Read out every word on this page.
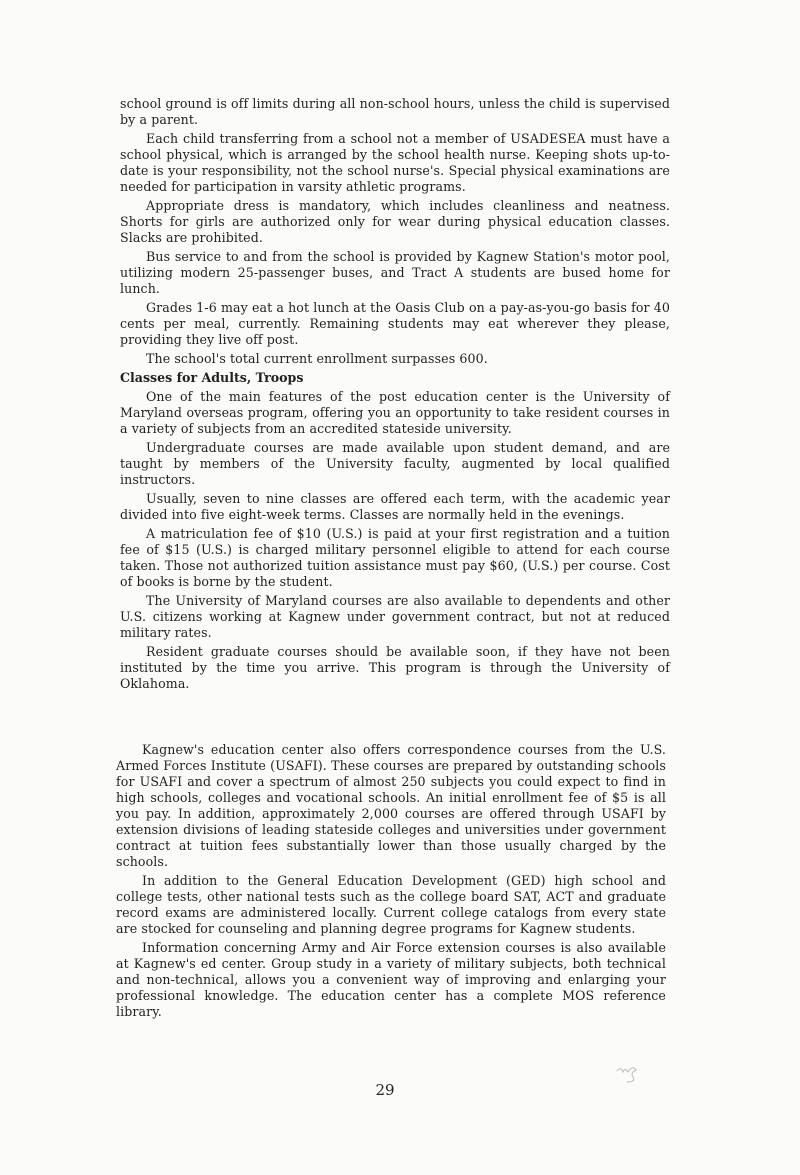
school ground is off limits during all non-school hours, unless the child is supervised by a parent.

Each child transferring from a school not a member of USADESEA must have a school physical, which is arranged by the school health nurse. Keeping shots up-to-date is your responsibility, not the school nurse's. Special physical examinations are needed for participation in varsity athletic programs.

Appropriate dress is mandatory, which includes cleanliness and neatness. Shorts for girls are authorized only for wear during physical education classes. Slacks are prohibited.

Bus service to and from the school is provided by Kagnew Station's motor pool, utilizing modern 25-passenger buses, and Tract A students are bused home for lunch.

Grades 1-6 may eat a hot lunch at the Oasis Club on a pay-as-you-go basis for 40 cents per meal, currently. Remaining students may eat wherever they please, providing they live off post.

The school's total current enrollment surpasses 600.

Classes for Adults, Troops

One of the main features of the post education center is the University of Maryland overseas program, offering you an opportunity to take resident courses in a variety of subjects from an accredited stateside university.

Undergraduate courses are made available upon student demand, and are taught by members of the University faculty, augmented by local qualified instructors.

Usually, seven to nine classes are offered each term, with the academic year divided into five eight-week terms. Classes are normally held in the evenings.

A matriculation fee of $10 (U.S.) is paid at your first registration and a tuition fee of $15 (U.S.) is charged military personnel eligible to attend for each course taken. Those not authorized tuition assistance must pay $60, (U.S.) per course. Cost of books is borne by the student.

The University of Maryland courses are also available to dependents and other U.S. citizens working at Kagnew under government contract, but not at reduced military rates.

Resident graduate courses should be available soon, if they have not been instituted by the time you arrive. This program is through the University of Oklahoma.

Kagnew's education center also offers correspondence courses from the U.S. Armed Forces Institute (USAFI). These courses are prepared by outstanding schools for USAFI and cover a spectrum of almost 250 subjects you could expect to find in high schools, colleges and vocational schools. An initial enrollment fee of $5 is all you pay. In addition, approximately 2,000 courses are offered through USAFI by extension divisions of leading stateside colleges and universities under government contract at tuition fees substantially lower than those usually charged by the schools.

In addition to the General Education Development (GED) high school and college tests, other national tests such as the college board SAT, ACT and graduate record exams are administered locally. Current college catalogs from every state are stocked for counseling and planning degree programs for Kagnew students.

Information concerning Army and Air Force extension courses is also available at Kagnew's ed center. Group study in a variety of military subjects, both technical and non-technical, allows you a convenient way of improving and enlarging your professional knowledge. The education center has a complete MOS reference library.

29
